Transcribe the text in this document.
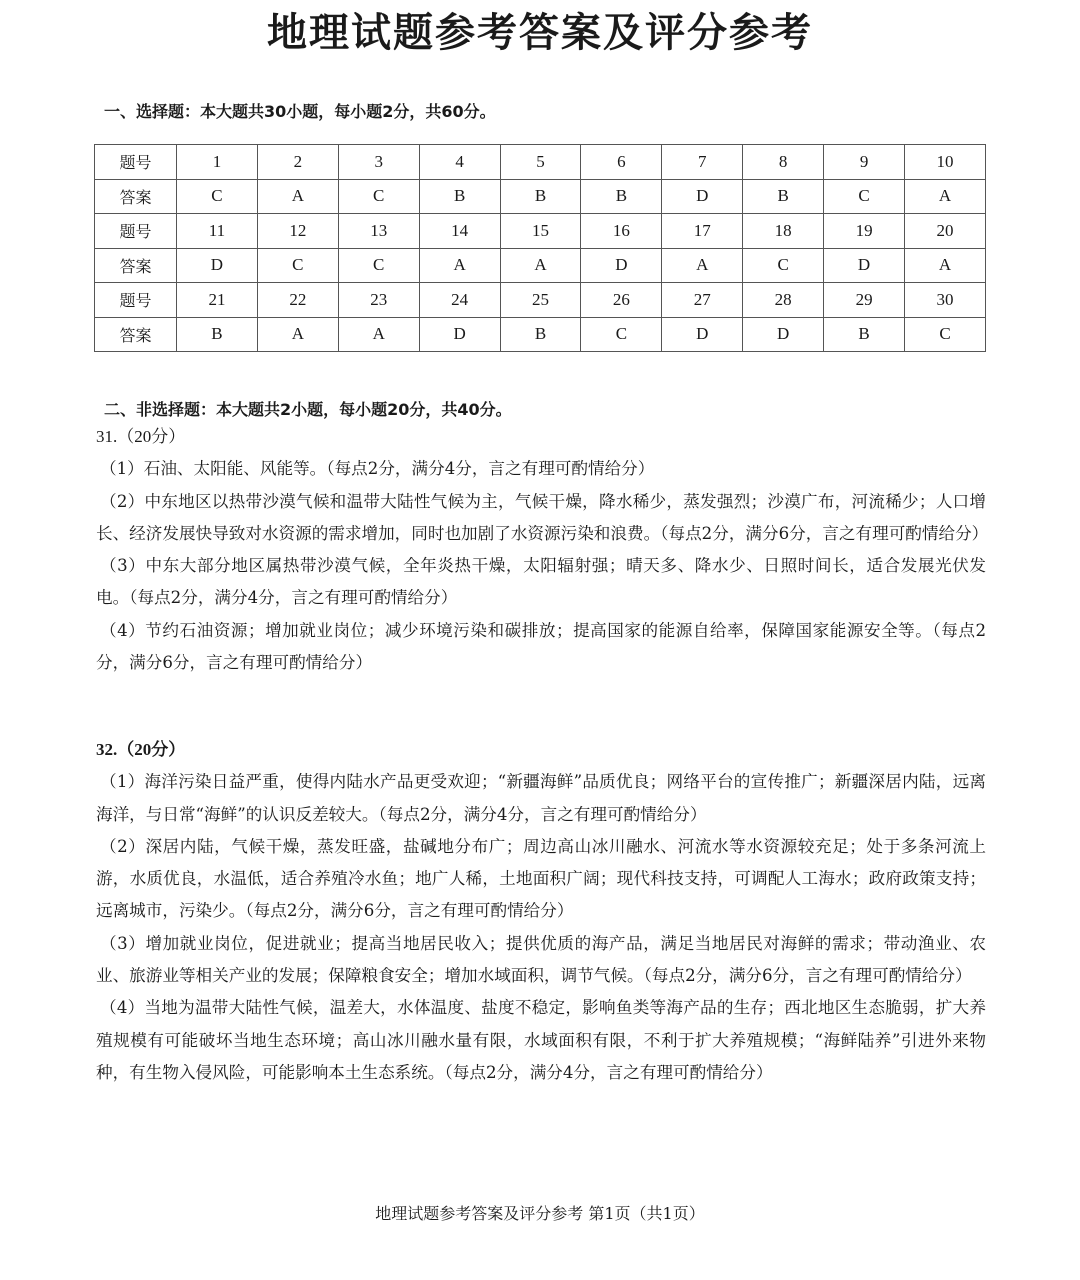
地理试题参考答案及评分参考
一、选择题：本大题共30小题，每小题2分，共60分。
题号	1	2	3	4	5	6	7	8	9	10
答案	C	A	C	B	B	B	D	B	C	A
题号	11	12	13	14	15	16	17	18	19	20
答案	D	C	C	A	A	D	A	C	D	A
题号	21	22	23	24	25	26	27	28	29	30
答案	B	A	A	D	B	C	D	D	B	C
二、非选择题：本大题共2小题，每小题20分，共40分。
31.（20分）
（1）石油、太阳能、风能等。（每点2分，满分4分，言之有理可酌情给分）
（2）中东地区以热带沙漠气候和温带大陆性气候为主，气候干燥，降水稀少，蒸发强烈；沙漠广布，河流稀少；人口增长、经济发展快导致对水资源的需求增加，同时也加剧了水资源污染和浪费。（每点2分，满分6分，言之有理可酌情给分）
（3）中东大部分地区属热带沙漠气候，全年炎热干燥，太阳辐射强；晴天多、降水少、日照时间长，适合发展光伏发电。（每点2分，满分4分，言之有理可酌情给分）
（4）节约石油资源；增加就业岗位；减少环境污染和碳排放；提高国家的能源自给率，保障国家能源安全等。（每点2分，满分6分，言之有理可酌情给分）
32.（20分）
（1）海洋污染日益严重，使得内陆水产品更受欢迎；“新疆海鲜”品质优良；网络平台的宣传推广；新疆深居内陆，远离海洋，与日常“海鲜”的认识反差较大。（每点2分，满分4分，言之有理可酌情给分）
（2）深居内陆，气候干燥，蒸发旺盛，盐碱地分布广；周边高山冰川融水、河流水等水资源较充足；处于多条河流上游，水质优良，水温低，适合养殖冷水鱼；地广人稀，土地面积广阔；现代科技支持，可调配人工海水；政府政策支持；远离城市，污染少。（每点2分，满分6分，言之有理可酌情给分）
（3）增加就业岗位，促进就业；提高当地居民收入；提供优质的海产品，满足当地居民对海鲜的需求；带动渔业、农业、旅游业等相关产业的发展；保障粮食安全；增加水域面积，调节气候。（每点2分，满分6分，言之有理可酌情给分）
（4）当地为温带大陆性气候，温差大，水体温度、盐度不稳定，影响鱼类等海产品的生存；西北地区生态脆弱，扩大养殖规模有可能破坏当地生态环境；高山冰川融水量有限，水域面积有限，不利于扩大养殖规模；“海鲜陆养”引进外来物种，有生物入侵风险，可能影响本土生态系统。（每点2分，满分4分，言之有理可酌情给分）
地理试题参考答案及评分参考 第1页（共1页）
